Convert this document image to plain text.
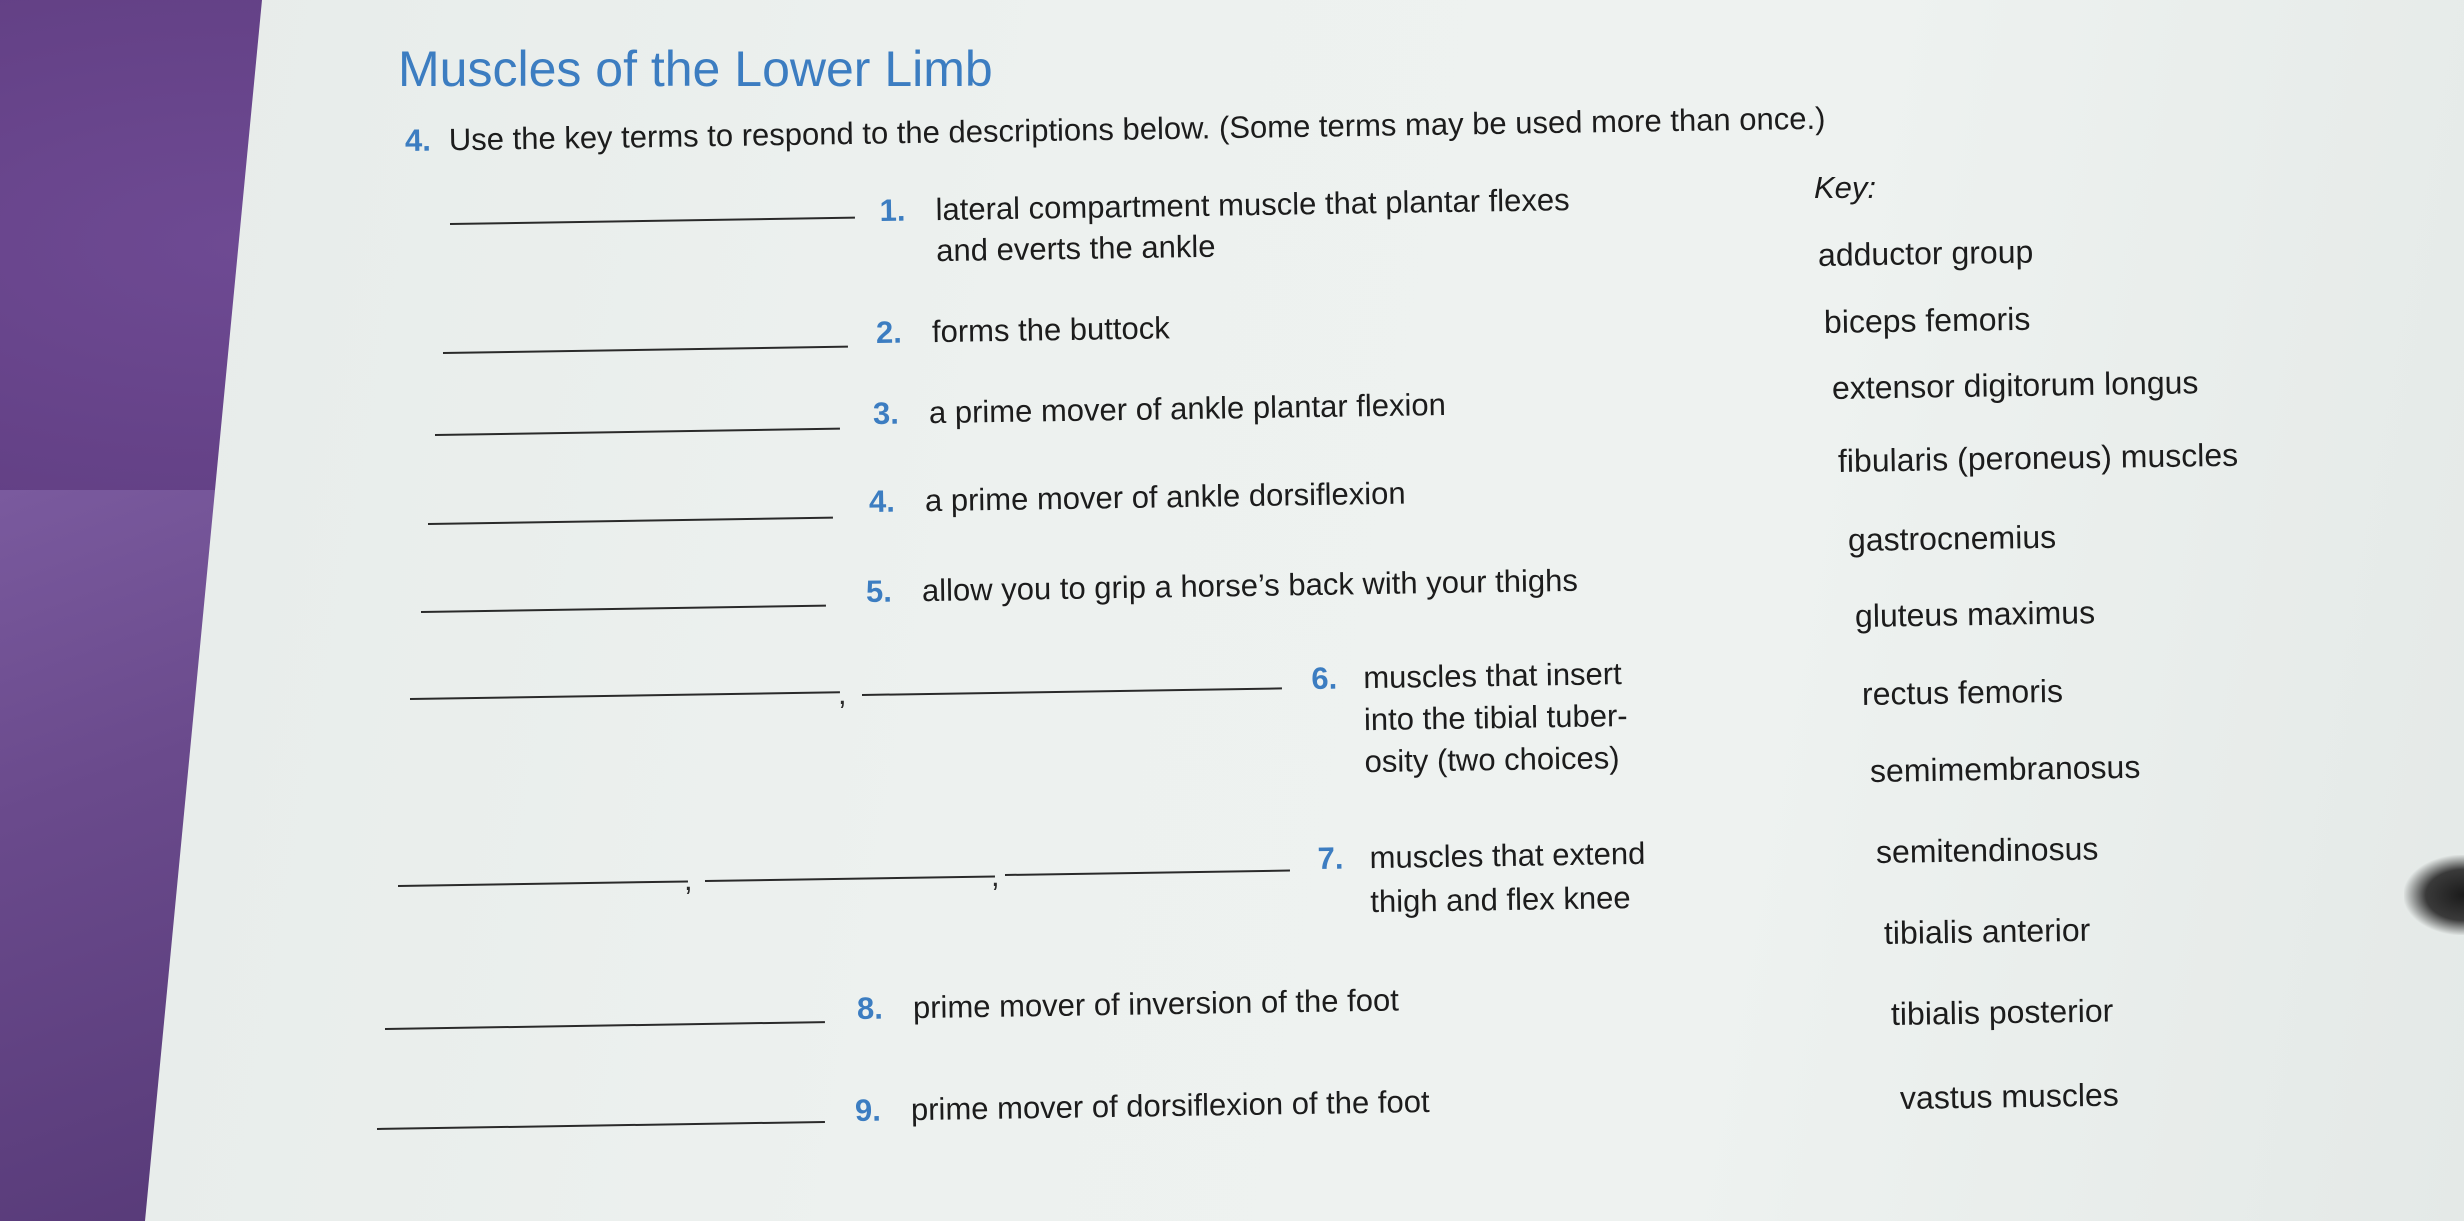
Muscles of the Lower Limb
4. Use the key terms to respond to the descriptions below. (Some terms may be used more than once.)
1. lateral compartment muscle that plantar flexes
and everts the ankle
2. forms the buttock
3. a prime mover of ankle plantar flexion
4. a prime mover of ankle dorsiflexion
5. allow you to grip a horse’s back with your thighs
,	6. muscles that insert
into the tibial tuber-
osity (two choices)
,	,	7. muscles that extend
thigh and flex knee
8. prime mover of inversion of the foot
9. prime mover of dorsiflexion of the foot
Key:
adductor group
biceps femoris
extensor digitorum longus
fibularis (peroneus) muscles
gastrocnemius
gluteus maximus
rectus femoris
semimembranosus
semitendinosus
tibialis anterior
tibialis posterior
vastus muscles
